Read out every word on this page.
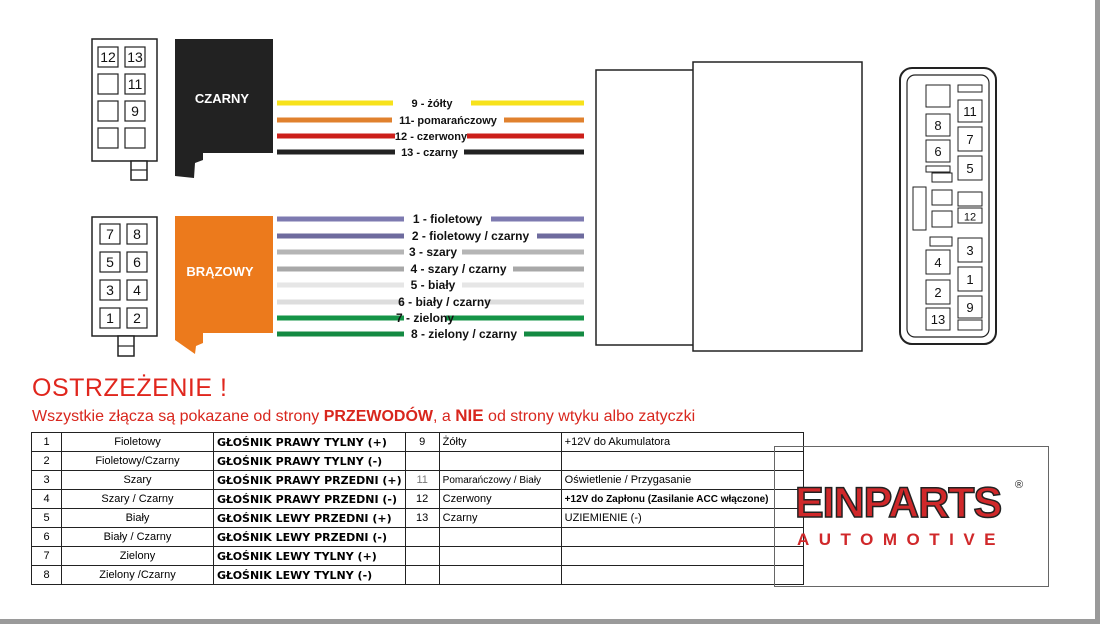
12 13
11
9
CZARNY
7 8
5 6
3 4
1 2
BRĄZOWY
9 - żółty
11- pomarańczowy
12 - czerwony
13 - czarny
1 - fioletowy
2 - fioletowy / czarny
3 - szary
4 - szary / czarny
5 - biały
6 - biały / czarny
7 - zielony
8 - zielony / czarny
8
6
4
2
13
11
7
5
12
3
1
9
OSTRZEŻENIE !
Wszystkie złącza są pokazane od strony PRZEWODÓW, a NIE od strony wtyku albo zatyczki
1	Fioletowy	GŁOŚNIK PRAWY TYLNY (+)	9	Żółty	+12V do Akumulatora
2	Fioletowy/Czarny	GŁOŚNIK PRAWY TYLNY (-)			
3	Szary	GŁOŚNIK PRAWY PRZEDNI (+)	11	Pomarańczowy / Biały	Oświetlenie / Przygasanie
4	Szary / Czarny	GŁOŚNIK PRAWY PRZEDNI (-)	12	Czerwony	+12V do Zapłonu (Zasilanie ACC włączone)
5	Biały	GŁOŚNIK LEWY PRZEDNI (+)	13	Czarny	UZIEMIENIE (-)
6	Biały / Czarny	GŁOŚNIK LEWY PRZEDNI (-)			
7	Zielony	GŁOŚNIK LEWY TYLNY (+)			
8	Zielony /Czarny	GŁOŚNIK LEWY TYLNY (-)			
EINPARTS ®
AUTOMOTIVE
